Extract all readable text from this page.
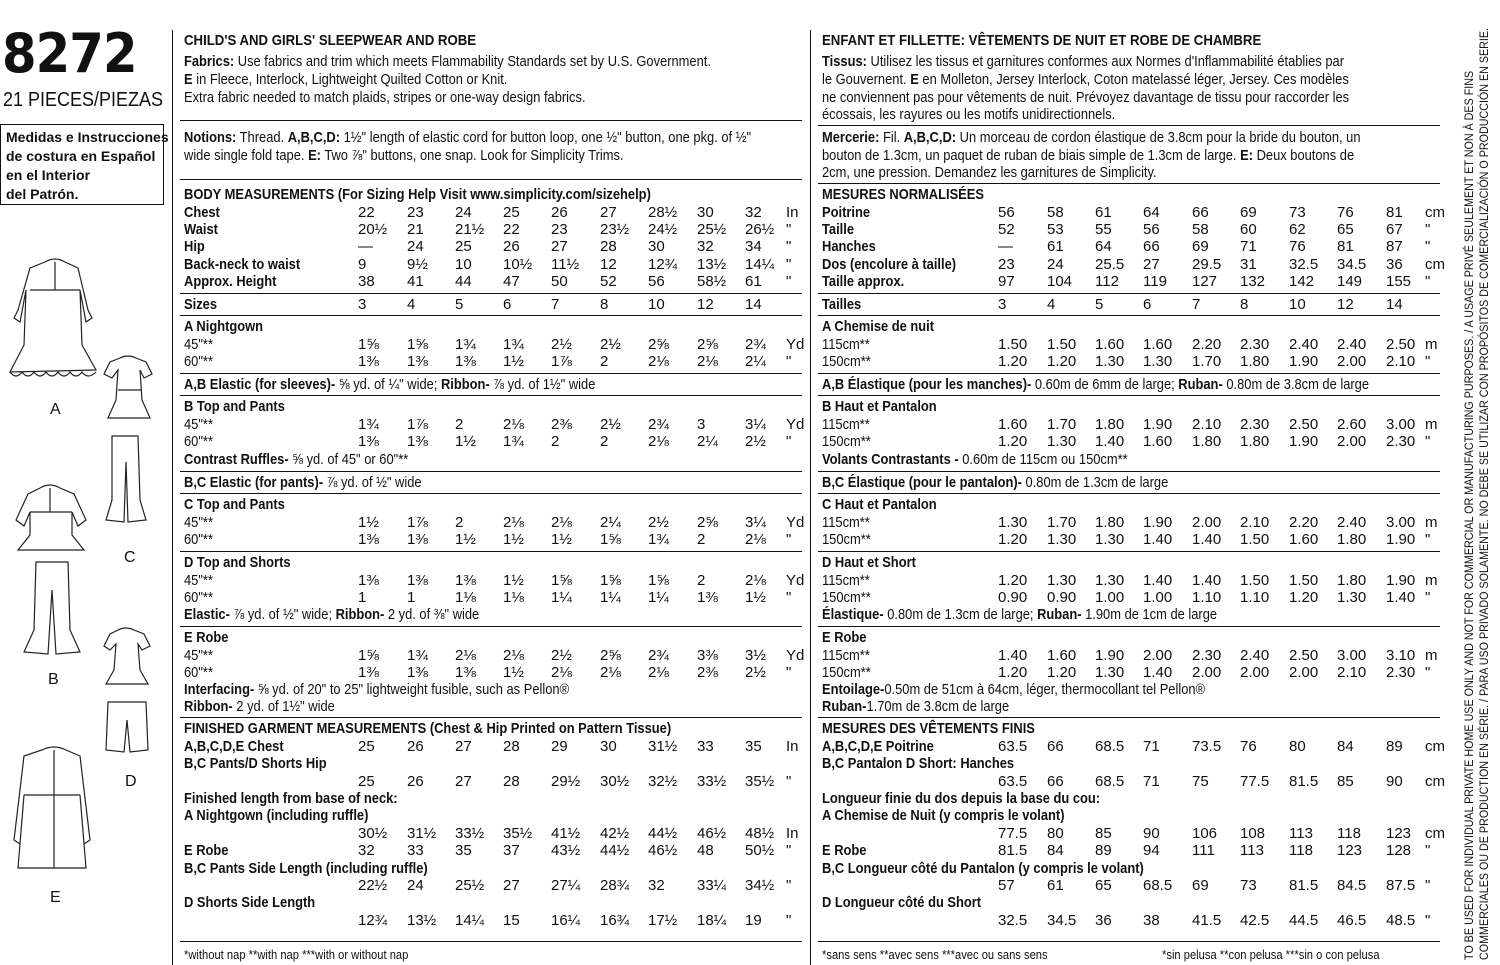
8272
21 PIECES/PIEZAS
Medidas e Instrucciones
de costura en Español
en el Interior
del Patrón.
A
B
C
D
E
CHILD'S AND GIRLS' SLEEPWEAR AND ROBE
Fabrics: Use fabrics and trim which meets Flammability Standards set by U.S. Government.
E in Fleece, Interlock, Lightweight Quilted Cotton or Knit.
Extra fabric needed to match plaids, stripes or one-way design fabrics.
Notions: Thread. A,B,C,D: 1½" length of elastic cord for button loop, one ½" button, one pkg. of ½"
wide single fold tape. E: Two ⅞" buttons, one snap. Look for Simplicity Trims.
BODY MEASUREMENTS (For Sizing Help Visit www.simplicity.com/sizehelp)
Chest	22 23 24 25 26 27 28½ 30 32 In
Waist	20½ 21 21½ 22 23 23½ 24½ 25½ 26½ "
Hip	— 24 25 26 27 28 30 32 34 "
Back-neck to waist	9	9½ 10 10½ 11½ 12 12¾ 13½ 14¼ "
Approx. Height	38 41 44 47 50 52 56 58½ 61 "
Sizes	3	4	5	6	7	8	10 12 14
A Nightgown
45"**	1⅝ 1⅝ 1¾ 1¾ 2½ 2½ 2⅝ 2⅝ 2¾ Yd
60"**	1⅜ 1⅜ 1⅜ 1½ 1⅞ 2	2⅛ 2⅛ 2¼ "
A,B Elastic (for sleeves)- ⅝ yd. of ¼" wide; Ribbon- ⅞ yd. of 1½" wide
B Top and Pants
45"**	1¾ 1⅞ 2	2⅛ 2⅜ 2½ 2¾ 3	3¼ Yd
60"**	1⅜ 1⅜ 1½ 1¾ 2	2	2⅛ 2¼ 2½ "
Contrast Ruffles- ⅝ yd. of 45" or 60"**
B,C Elastic (for pants)- ⅞ yd. of ½" wide
C Top and Pants
45"**	1½ 1⅞ 2	2⅛ 2⅛ 2¼ 2½ 2⅝ 3¼ Yd
60"**	1⅜ 1⅜ 1½ 1½ 1½ 1⅝ 1¾ 2	2⅛ "
D Top and Shorts
45"**	1⅜ 1⅜ 1⅜ 1½ 1⅝ 1⅝ 1⅝ 2	2⅛ Yd
60"**	1	1	1⅛ 1⅛ 1¼ 1¼ 1¼ 1⅜ 1½ "
Elastic- ⅞ yd. of ½" wide; Ribbon- 2 yd. of ⅜" wide
E Robe
45"**	1⅝ 1¾ 2⅛ 2⅛ 2½ 2⅝ 2¾ 3⅜ 3½ Yd
60"**	1⅜ 1⅜ 1⅜ 1½ 2⅛ 2⅛ 2⅛ 2⅜ 2½ "
Interfacing- ⅝ yd. of 20" to 25" lightweight fusible, such as Pellon®
Ribbon- 2 yd. of 1½" wide
FINISHED GARMENT MEASUREMENTS (Chest & Hip Printed on Pattern Tissue)
A,B,C,D,E Chest	25 26 27 28 29 30 31½ 33 35 In
B,C Pants/D Shorts Hip
25 26 27 28 29½ 30½ 32½ 33½ 35½ "
Finished length from base of neck:
A Nightgown (including ruffle)
30½ 31½ 33½ 35½ 41½ 42½ 44½ 46½ 48½ In
E Robe	32 33 35 37 43½ 44½ 46½ 48 50½ "
B,C Pants Side Length (including ruffle)
22½ 24 25½ 27 27¼ 28¾ 32 33¼ 34½ "
D Shorts Side Length
12¾ 13½ 14¼ 15 16¼ 16¾ 17½ 18¼ 19 "
*without nap **with nap ***with or without nap
ENFANT ET FILLETTE: VÊTEMENTS DE NUIT ET ROBE DE CHAMBRE
Tissus: Utilisez les tissus et garnitures conformes aux Normes d'Inflammabilité établies par
le Gouvernent. E en Molleton, Jersey Interlock, Coton matelassé léger, Jersey. Ces modèles
ne conviennent pas pour vêtements de nuit. Prévoyez davantage de tissu pour raccorder les
écossais, les rayures ou les motifs unidirectionnels.
Mercerie: Fil. A,B,C,D: Un morceau de cordon élastique de 3.8cm pour la bride du bouton, un
bouton de 1.3cm, un paquet de ruban de biais simple de 1.3cm de large. E: Deux boutons de
2cm, une pression. Demandez les garnitures de Simplicity.
MESURES NORMALISÉES
Poitrine	56 58 61 64 66 69 73 76 81 cm
Taille	52 53 55 56 58 60 62 65 67 "
Hanches	— 61 64 66 69 71 76 81 87 "
Dos (encolure à taille)	23 24 25.5 27 29.5 31 32.5 34.5 36 cm
Taille approx.	97 104 112 119 127 132 142 149 155 "
Tailles	3	4	5	6	7	8	10 12 14
A Chemise de nuit
115cm**	1.50 1.50 1.60 1.60 2.20 2.30 2.40 2.40 2.50 m
150cm**	1.20 1.20 1.30 1.30 1.70 1.80 1.90 2.00 2.10 "
A,B Élastique (pour les manches)- 0.60m de 6mm de large; Ruban- 0.80m de 3.8cm de large
B Haut et Pantalon
115cm**	1.60 1.70 1.80 1.90 2.10 2.30 2.50 2.60 3.00 m
150cm**	1.20 1.30 1.40 1.60 1.80 1.80 1.90 2.00 2.30 "
Volants Contrastants - 0.60m de 115cm ou 150cm**
B,C Élastique (pour le pantalon)- 0.80m de 1.3cm de large
C Haut et Pantalon
115cm**	1.30 1.70 1.80 1.90 2.00 2.10 2.20 2.40 3.00 m
150cm**	1.20 1.30 1.30 1.40 1.40 1.50 1.60 1.80 1.90 "
D Haut et Short
115cm**	1.20 1.30 1.30 1.40 1.40 1.50 1.50 1.80 1.90 m
150cm**	0.90 0.90 1.00 1.00 1.10 1.10 1.20 1.30 1.40 "
Élastique- 0.80m de 1.3cm de large; Ruban- 1.90m de 1cm de large
E Robe
115cm**	1.40 1.60 1.90 2.00 2.30 2.40 2.50 3.00 3.10 m
150cm**	1.20 1.20 1.30 1.40 2.00 2.00 2.00 2.10 2.30 "
Entoilage-0.50m de 51cm à 64cm, léger, thermocollant tel Pellon®
Ruban-1.70m de 3.8cm de large
MESURES DES VÊTEMENTS FINIS
A,B,C,D,E Poitrine	63.5 66 68.5 71 73.5 76 80 84 89 cm
B,C Pantalon D Short: Hanches
63.5 66 68.5 71 75 77.5 81.5 85 90 cm
Longueur finie du dos depuis la base du cou:
A Chemise de Nuit (y compris le volant)
77.5 80 85 90 106 108 113 118 123 cm
E Robe	81.5 84 89 94 111 113 118 123 128 "
B,C Longueur côté du Pantalon (y compris le volant)
57 61 65 68.5 69 73 81.5 84.5 87.5 "
D Longueur côté du Short
32.5 34.5 36 38 41.5 42.5 44.5 46.5 48.5 "
*sans sens **avec sens ***avec ou sans sens	*sin pelusa **con pelusa ***sin o con pelusa	TO BE USED FOR INDIVIDUAL PRIVATE HOME USE ONLY AND NOT FOR COMMERCIAL OR MANUFACTURING PURPOSES. / A USAGE PRIVÉ SEULEMENT ET NON À DES FINS COMMERCIALES OU DE PRODUCTION EN SÉRIE. / PARA USO PRIVADO SOLAMENTE. NO DEBE SE UTILIZAR CON PROPÓSITOS DE COMERCIALIZACIÓN O PRODUCCIÓN EN SERIE.
